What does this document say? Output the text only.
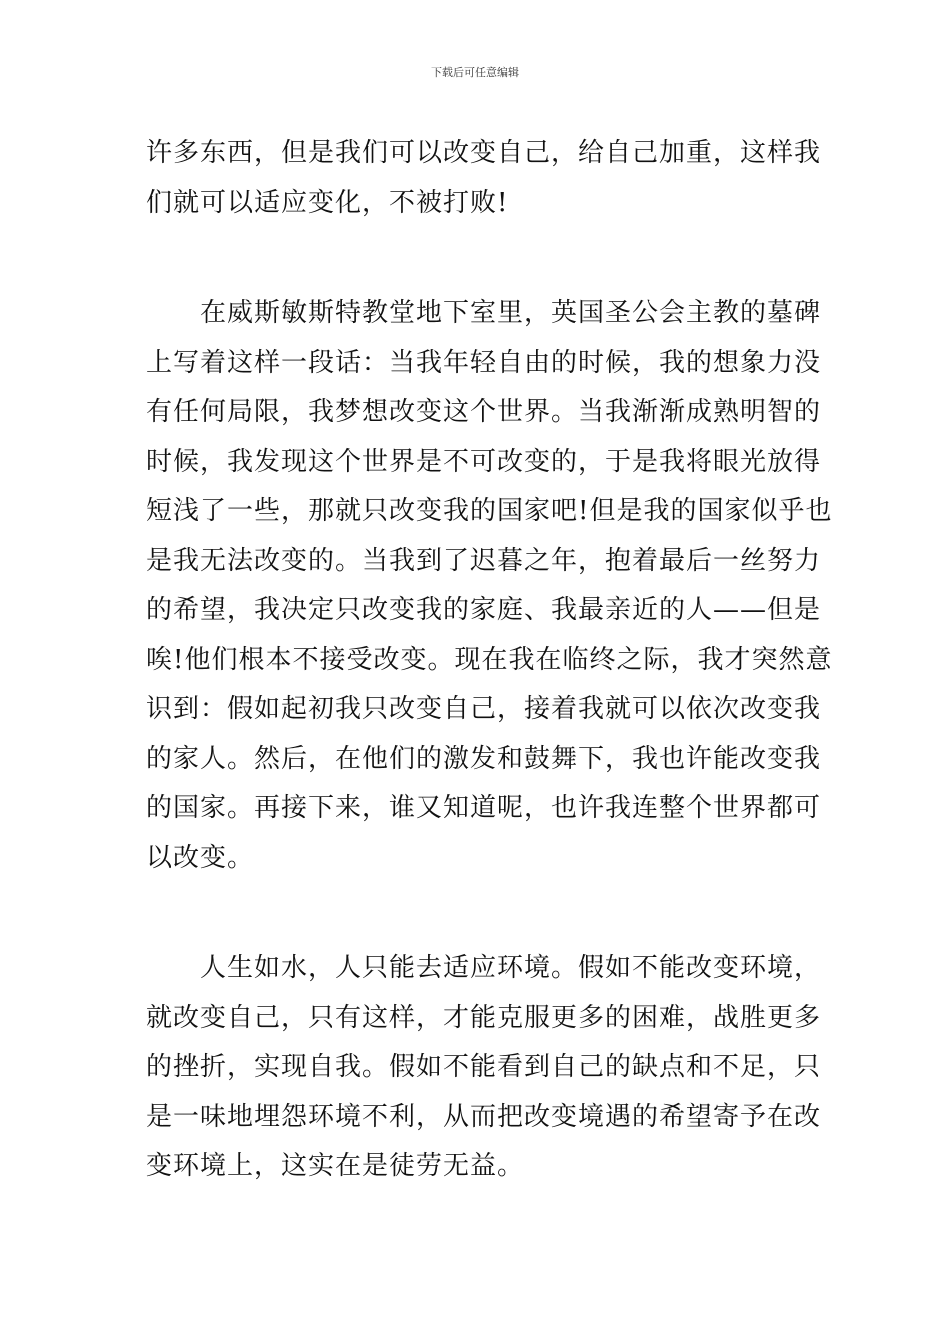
下载后可任意编辑

许多东西，但是我们可以改变自己，给自己加重，这样我
们就可以适应变化，不被打败!

在威斯敏斯特教堂地下室里，英国圣公会主教的墓碑
上写着这样一段话：当我年轻自由的时候，我的想象力没
有任何局限，我梦想改变这个世界。当我渐渐成熟明智的
时候，我发现这个世界是不可改变的，于是我将眼光放得
短浅了一些，那就只改变我的国家吧!但是我的国家似乎也
是我无法改变的。当我到了迟暮之年，抱着最后一丝努力
的希望，我决定只改变我的家庭、我最亲近的人——但是
唉!他们根本不接受改变。现在我在临终之际，我才突然意
识到：假如起初我只改变自己，接着我就可以依次改变我
的家人。然后，在他们的激发和鼓舞下，我也许能改变我
的国家。再接下来，谁又知道呢，也许我连整个世界都可
以改变。

人生如水，人只能去适应环境。假如不能改变环境，
就改变自己，只有这样，才能克服更多的困难，战胜更多
的挫折，实现自我。假如不能看到自己的缺点和不足，只
是一味地埋怨环境不利，从而把改变境遇的希望寄予在改
变环境上，这实在是徒劳无益。
